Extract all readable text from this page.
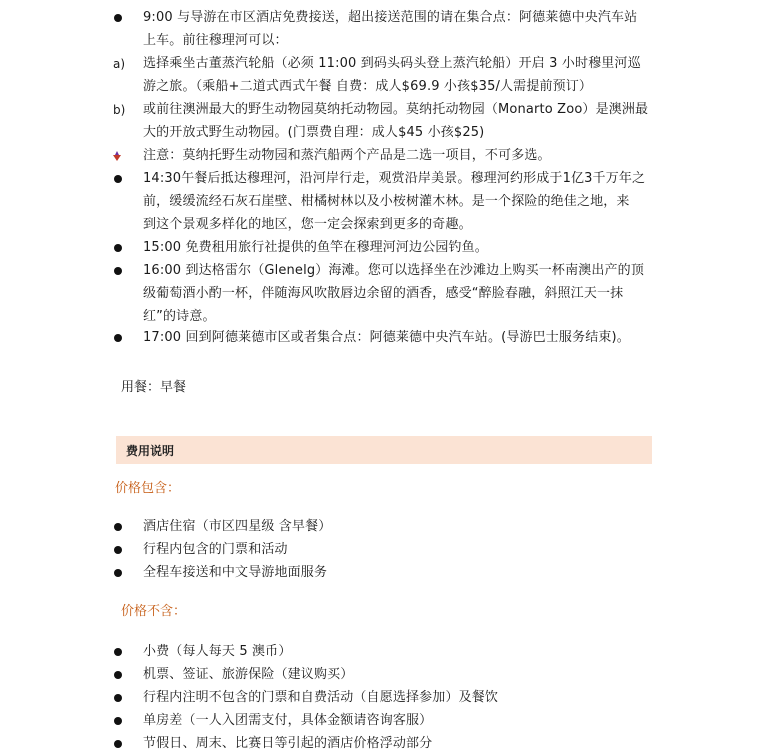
9:00 与导游在市区酒店免费接送，超出接送范围的请在集合点：阿德莱德中央汽车站
上车。前往穆理河可以：
a) 选择乘坐古董蒸汽轮船（必须 11:00 到码头码头登上蒸汽轮船）开启 3 小时穆里河巡
游之旅。（乘船+二道式西式午餐 自费：成人$69.9 小孩$35/人需提前预订）
b) 或前往澳洲最大的野生动物园莫纳托动物园。莫纳托动物园（Monarto Zoo）是澳洲最
大的开放式野生动物园。(门票费自理：成人$45 小孩$25)
注意：莫纳托野生动物园和蒸汽船两个产品是二选一项目，不可多选。
14:30午餐后抵达穆理河，沿河岸行走，观赏沿岸美景。穆理河约形成于1亿3千万年之
前，缓缓流经石灰石崖壁、柑橘树林以及小桉树灌木林。是一个探险的绝佳之地，来
到这个景观多样化的地区，您一定会探索到更多的奇趣。
15:00 免费租用旅行社提供的鱼竿在穆理河河边公园钓鱼。
16:00 到达格雷尔（Glenelg）海滩。您可以选择坐在沙滩边上购买一杯南澳出产的顶
级葡萄酒小酌一杯，伴随海风吹散唇边余留的酒香，感受“醉脸春融，斜照江天一抹
红”的诗意。
17:00 回到阿德莱德市区或者集合点：阿德莱德中央汽车站。(导游巴士服务结束)。
用餐：早餐
费用说明
价格包含：
酒店住宿（市区四星级 含早餐）
行程内包含的门票和活动
全程车接送和中文导游地面服务
价格不含：
小费（每人每天 5 澳币）
机票、签证、旅游保险（建议购买）
行程内注明不包含的门票和自费活动（自愿选择参加）及餐饮
单房差（一人入团需支付，具体金额请咨询客服）
节假日、周末、比赛日等引起的酒店价格浮动部分
